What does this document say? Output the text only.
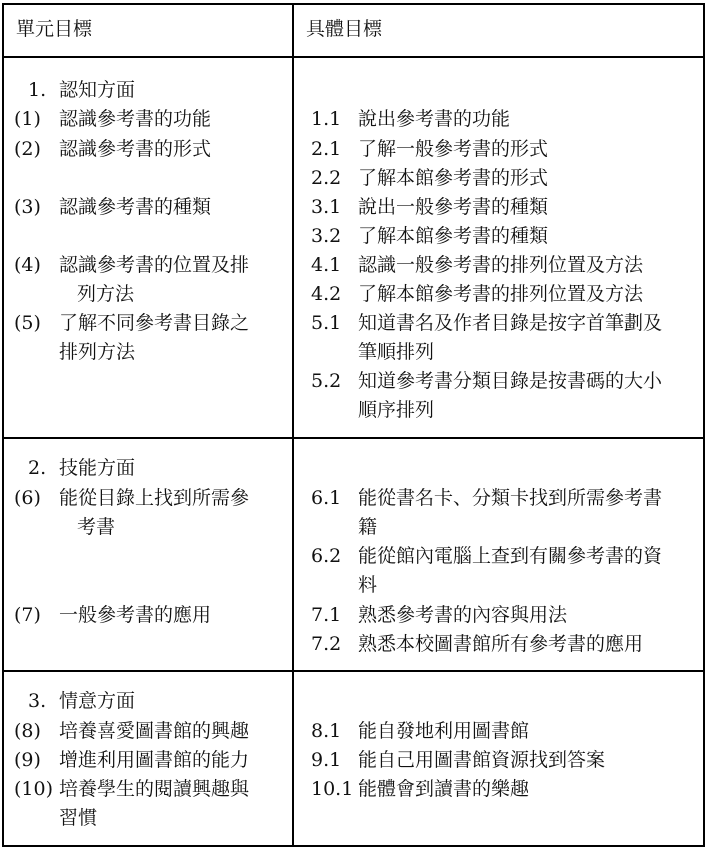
單元目標	具體目標
1. 認知方面
(1) 認識參考書的功能
(2) 認識參考書的形式
(3) 認識參考書的種類
(4) 認識參考書的位置及排
列方法
(5) 了解不同參考書目錄之
排列方法
1.1 說出參考書的功能
2.1 了解一般參考書的形式
2.2 了解本館參考書的形式
3.1 說出一般參考書的種類
3.2 了解本館參考書的種類
4.1 認識一般參考書的排列位置及方法
4.2 了解本館參考書的排列位置及方法
5.1 知道書名及作者目錄是按字首筆劃及
筆順排列
5.2 知道參考書分類目錄是按書碼的大小
順序排列
2. 技能方面
(6) 能從目錄上找到所需參
考書
(7) 一般參考書的應用
6.1 能從書名卡、分類卡找到所需參考書
籍
6.2 能從館內電腦上查到有關參考書的資
料
7.1 熟悉參考書的內容與用法
7.2 熟悉本校圖書館所有參考書的應用
3. 情意方面
(8) 培養喜愛圖書館的興趣
(9) 增進利用圖書館的能力
(10) 培養學生的閱讀興趣與
習慣
8.1 能自發地利用圖書館
9.1 能自己用圖書館資源找到答案
10.1 能體會到讀書的樂趣
